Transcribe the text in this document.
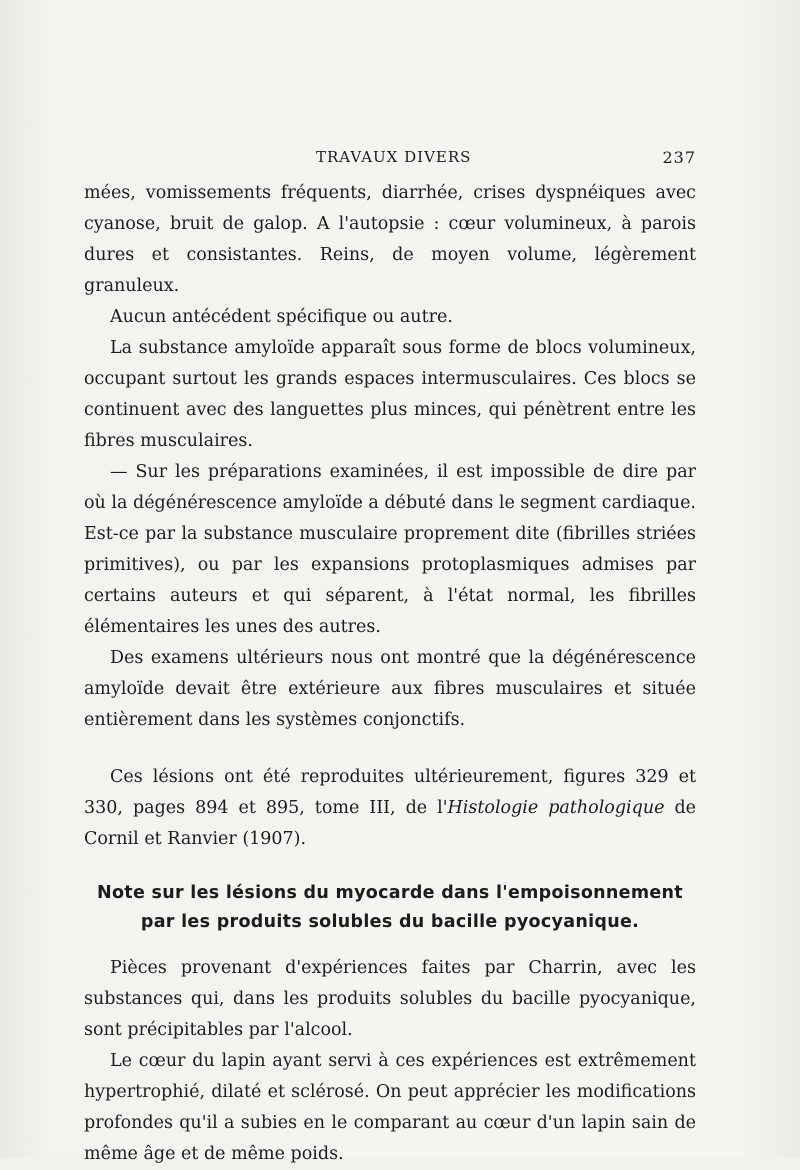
TRAVAUX DIVERS	237

mées, vomissements fréquents, diarrhée, crises dyspnéiques avec cyanose, bruit de galop. A l'autopsie : cœur volumineux, à parois dures et consistantes. Reins, de moyen volume, légèrement granuleux.

Aucun antécédent spécifique ou autre.

La substance amyloïde apparaît sous forme de blocs volumineux, occupant surtout les grands espaces intermusculaires. Ces blocs se continuent avec des languettes plus minces, qui pénètrent entre les fibres musculaires.

— Sur les préparations examinées, il est impossible de dire par où la dégénérescence amyloïde a débuté dans le segment cardiaque. Est-ce par la substance musculaire proprement dite (fibrilles striées primitives), ou par les expansions protoplasmiques admises par certains auteurs et qui séparent, à l'état normal, les fibrilles élémentaires les unes des autres.

Des examens ultérieurs nous ont montré que la dégénérescence amyloïde devait être extérieure aux fibres musculaires et située entièrement dans les systèmes conjonctifs.

Ces lésions ont été reproduites ultérieurement, figures 329 et 330, pages 894 et 895, tome III, de l'Histologie pathologique de Cornil et Ranvier (1907).

Note sur les lésions du myocarde dans l'empoisonnement

par les produits solubles du bacille pyocyanique.

Pièces provenant d'expériences faites par Charrin, avec les substances qui, dans les produits solubles du bacille pyocyanique, sont précipitables par l'alcool.

Le cœur du lapin ayant servi à ces expériences est extrêmement hypertrophié, dilaté et sclérosé. On peut apprécier les modifications profondes qu'il a subies en le comparant au cœur d'un lapin sain de même âge et de même poids.
